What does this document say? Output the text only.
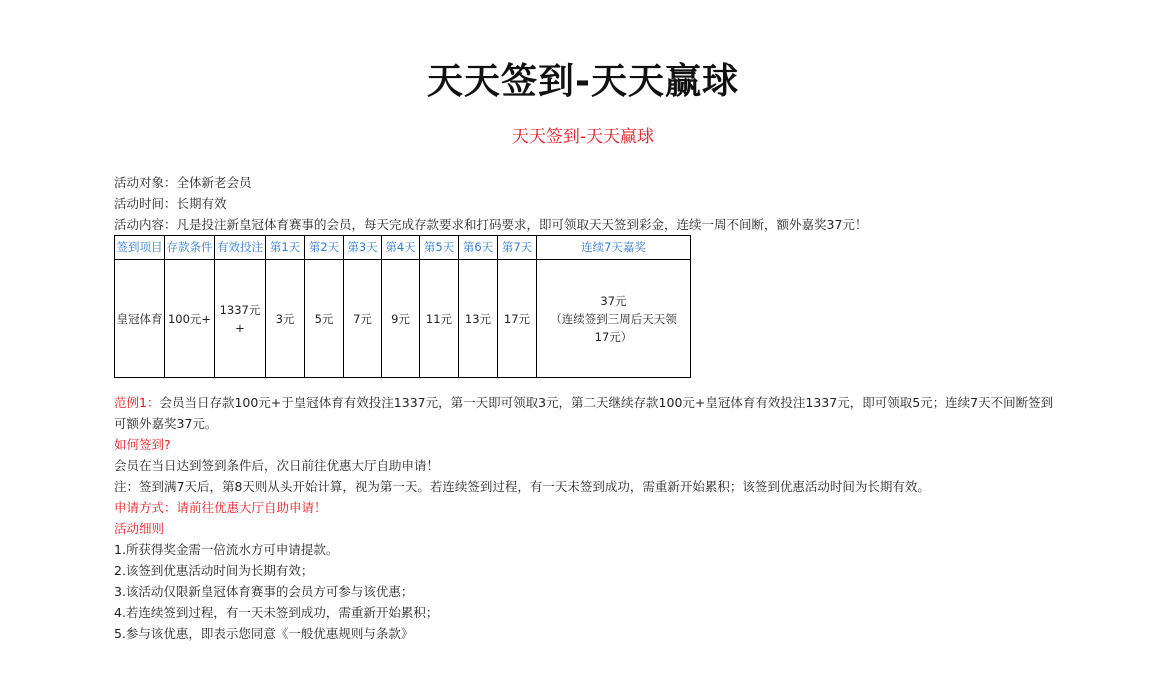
天天签到-天天赢球
天天签到-天天赢球

活动对象：全体新老会员

活动时间：长期有效

活动内容：凡是投注新皇冠体育赛事的会员，每天完成存款要求和打码要求，即可领取天天签到彩金，连续一周不间断，额外嘉奖37元！

签到项目	存款条件	有效投注	第1天	第2天	第3天	第4天	第5天	第6天	第7天	连续7天嘉奖
皇冠体育	100元+	1337元+	3元	5元	7元	9元	11元	13元	17元	37元
（连续签到三周后天天领17元）

范例1：会员当日存款100元+于皇冠体育有效投注1337元，第一天即可领取3元，第二天继续存款100元+皇冠体育有效投注1337元，即可领取5元；连续7天不间断签到可额外嘉奖37元。

如何签到?

会员在当日达到签到条件后，次日前往优惠大厅自助申请！

注：签到满7天后，第8天则从头开始计算，视为第一天。若连续签到过程，有一天未签到成功，需重新开始累积；该签到优惠活动时间为长期有效。

申请方式：请前往优惠大厅自助申请！

活动细则

1.所获得奖金需一倍流水方可申请提款。

2.该签到优惠活动时间为长期有效；

3.该活动仅限新皇冠体育赛事的会员方可参与该优惠；

4.若连续签到过程，有一天未签到成功，需重新开始累积；

5.参与该优惠，即表示您同意《一般优惠规则与条款》
